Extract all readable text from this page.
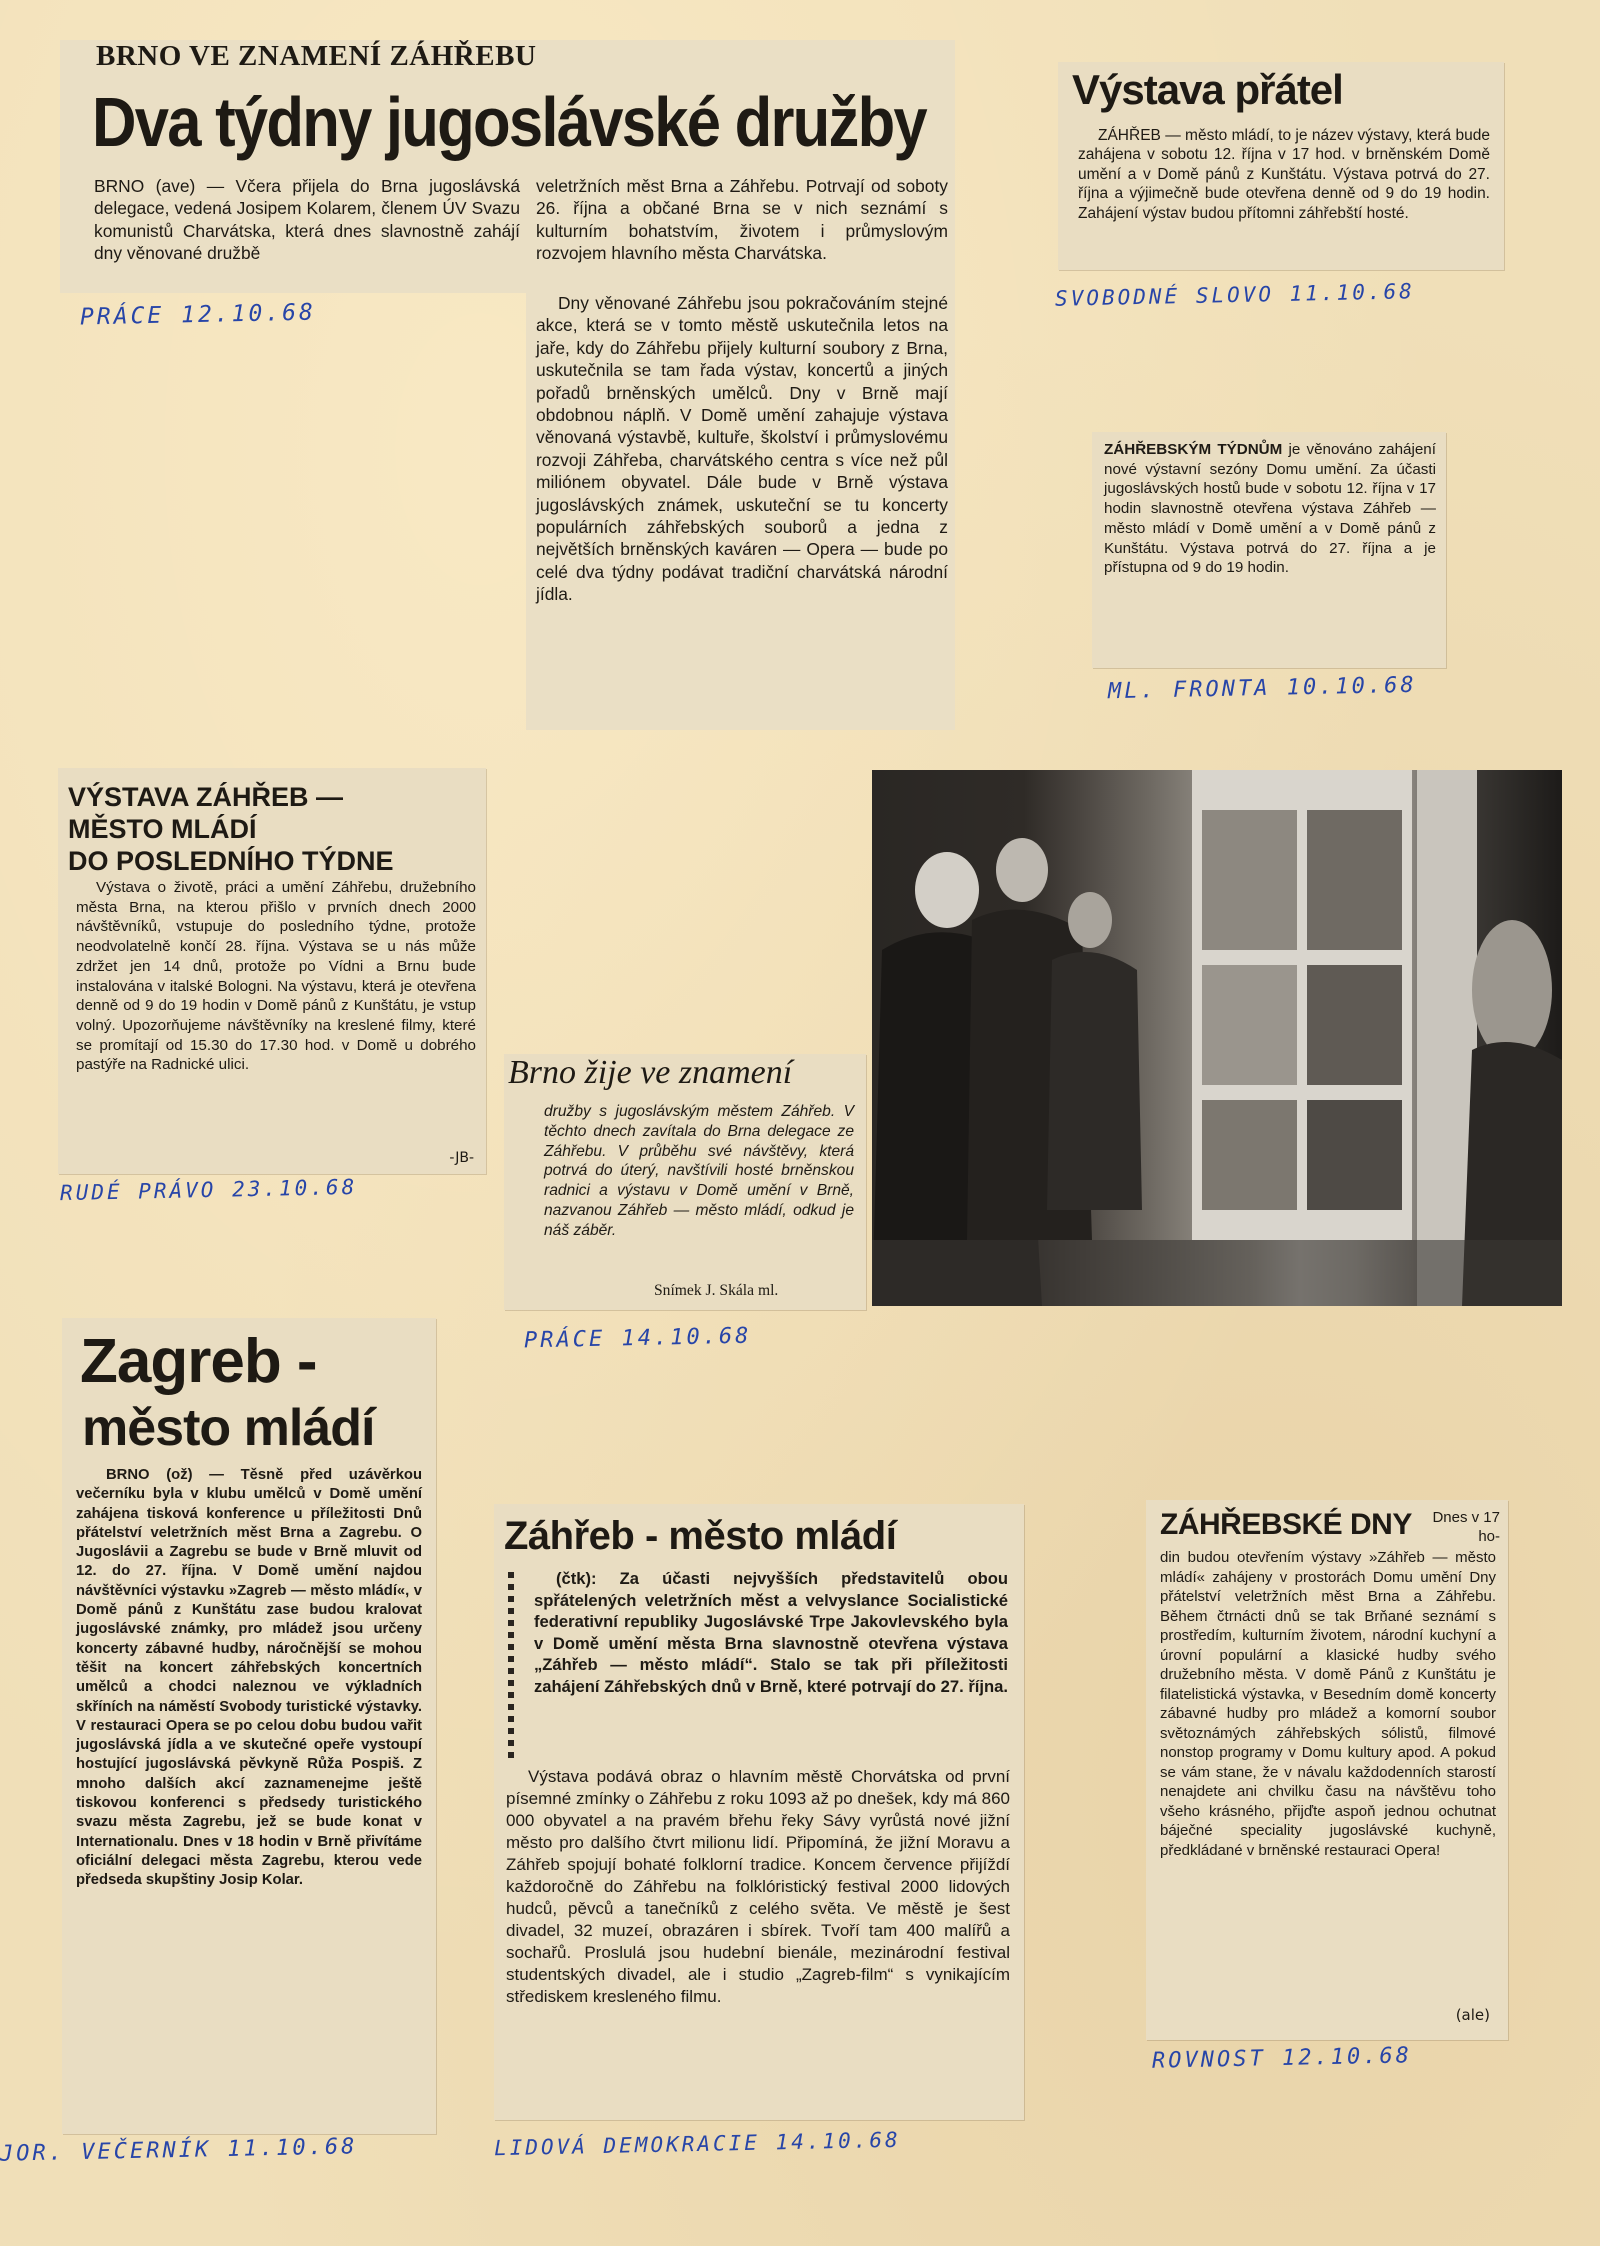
BRNO VE ZNAMENÍ ZÁHŘEBU
Dva týdny jugoslávské družby

BRNO (ave) — Včera přijela do Brna jugoslávská delegace, vedená Josipem Kolarem, členem ÚV Svazu komunistů Charvátska, která dnes slavnostně zahájí dny věnované družbě

veletržních měst Brna a Záhřebu. Potrvají od soboty 26. října a občané Brna se v nich seznámí s kulturním bohatstvím, životem i průmyslovým rozvojem hlavního města Charvátska.

Dny věnované Záhřebu jsou pokračováním stejné akce, která se v tomto městě uskutečnila letos na jaře, kdy do Záhřebu přijely kulturní soubory z Brna, uskutečnila se tam řada výstav, koncertů a jiných pořadů brněnských umělců. Dny v Brně mají obdobnou náplň. V Domě umění zahajuje výstava věnovaná výstavbě, kultuře, školství i průmyslovému rozvoji Záhřeba, charvátského centra s více než půl miliónem obyvatel. Dále bude v Brně výstava jugoslávských známek, uskuteční se tu koncerty populárních záhřebských souborů a jedna z největších brněnských kaváren — Opera — bude po celé dva týdny podávat tradiční charvátská národní jídla.

PRÁCE 12.10.68
Výstava přátel

ZÁHŘEB — město mládí, to je název výstavy, která bude zahájena v sobotu 12. října v 17 hod. v brněnském Domě umění a v Domě pánů z Kunštátu. Výstava potrvá do 27. října a výjimečně bude otevřena denně od 9 do 19 hodin. Zahájení výstav budou přítomni záhřebští hosté.

SVOBODNÉ SLOVO 11.10.68

ZÁHŘEBSKÝM TÝDNŮM je věnováno zahájení nové výstavní sezóny Domu umění. Za účasti jugoslávských hostů bude v sobotu 12. října v 17 hodin slavnostně otevřena výstava Záhřeb — město mládí v Domě umění a v Domě pánů z Kunštátu. Výstava potrvá do 27. října a je přístupna od 9 do 19 hodin.

ML. FRONTA 10.10.68
VÝSTAVA ZÁHŘEB —
MĚSTO MLÁDÍ
DO POSLEDNÍHO TÝDNE

Výstava o životě, práci a umění Záhřebu, družebního města Brna, na kterou přišlo v prvních dnech 2000 návštěvníků, vstupuje do posledního týdne, protože neodvolatelně končí 28. října. Výstava se u nás může zdržet jen 14 dnů, protože po Vídni a Brnu bude instalována v italské Bologni. Na výstavu, která je otevřena denně od 9 do 19 hodin v Domě pánů z Kunštátu, je vstup volný. Upozorňujeme návštěvníky na kreslené filmy, které se promítají od 15.30 do 17.30 hod. v Domě u dobrého pastýře na Radnické ulici.

-JB-
RUDÉ PRÁVO 23.10.68
Brno žije ve znamení

družby s jugoslávským městem Záhřeb. V těchto dnech zavítala do Brna delegace ze Záhřebu. V průběhu své návštěvy, která potrvá do úterý, navštívili hosté brněnskou radnici a výstavu v Domě umění v Brně, nazvanou Záhřeb — město mládí, odkud je náš záběr.

Snímek J. Skála ml.
PRÁCE 14.10.68
Zagreb -
město mládí

BRNO (ož) — Těsně před uzávěrkou večerníku byla v klubu umělců v Domě umění zahájena tisková konference u příležitosti Dnů přátelství veletržních měst Brna a Zagrebu. O Jugoslávii a Zagrebu se bude v Brně mluvit od 12. do 27. října. V Domě umění najdou návštěvníci výstavku »Zagreb — město mládí«, v Domě pánů z Kunštátu zase budou kralovat jugoslávské známky, pro mládež jsou určeny koncerty zábavné hudby, náročnější se mohou těšit na koncert záhřebských koncertních umělců a chodci naleznou ve výkladních skříních na náměstí Svobody turistické výstavky. V restauraci Opera se po celou dobu budou vařit jugoslávská jídla a ve skutečné opeře vystoupí hostující jugoslávská pěvkyně Růža Pospiš. Z mnoho dalších akcí zaznamenejme ještě tiskovou konferenci s předsedy turistického svazu města Zagrebu, jež se bude konat v Internationalu. Dnes v 18 hodin v Brně přivítáme oficiální delegaci města Zagrebu, kterou vede předseda skupštiny Josip Kolar.

JOR. VEČERNÍK 11.10.68
Záhřeb - město mládí

(čtk): Za účasti nejvyšších představitelů obou spřátelených veletržních měst a velvyslance Socialistické federativní republiky Jugoslávské Trpe Jakovlevského byla v Domě umění města Brna slavnostně otevřena výstava „Záhřeb — město mládí“. Stalo se tak při příležitosti zahájení Záhřebských dnů v Brně, které potrvají do 27. října.

Výstava podává obraz o hlavním městě Chorvátska od první písemné zmínky o Záhřebu z roku 1093 až po dnešek, kdy má 860 000 obyvatel a na pravém břehu řeky Sávy vyrůstá nové jižní město pro dalšího čtvrt milionu lidí. Připomíná, že jižní Moravu a Záhřeb spojují bohaté folklorní tradice. Koncem července přijíždí každoročně do Záhřebu na folklóristický festival 2000 lidových hudců, pěvců a tanečníků z celého světa. Ve městě je šest divadel, 32 muzeí, obrazáren i sbírek. Tvoří tam 400 malířů a sochařů. Proslulá jsou hudební bienále, mezinárodní festival studentských divadel, ale i studio „Zagreb-film“ s vynikajícím střediskem kresleného filmu.

LIDOVÁ DEMOKRACIE 14.10.68
ZÁHŘEBSKÉ DNY	Dnes v 17 ho-

din budou otevřením výstavy »Záhřeb — město mládí« zahájeny v prostorách Domu umění Dny přátelství veletržních měst Brna a Záhřebu. Během čtrnácti dnů se tak Brňané seznámí s prostředím, kulturním životem, národní kuchyní a úrovní populární a klasické hudby svého družebního města. V domě Pánů z Kunštátu je filatelistická výstavka, v Besedním domě koncerty zábavné hudby pro mládež a komorní soubor světoznámých záhřebských sólistů, filmové nonstop programy v Domu kultury apod. A pokud se vám stane, že v návalu každodenních starostí nenajdete ani chvilku času na návštěvu toho všeho krásného, přijďte aspoň jednou ochutnat báječné speciality jugoslávské kuchyně, předkládané v brněnské restauraci Opera!

(ale)
ROVNOST 12.10.68
